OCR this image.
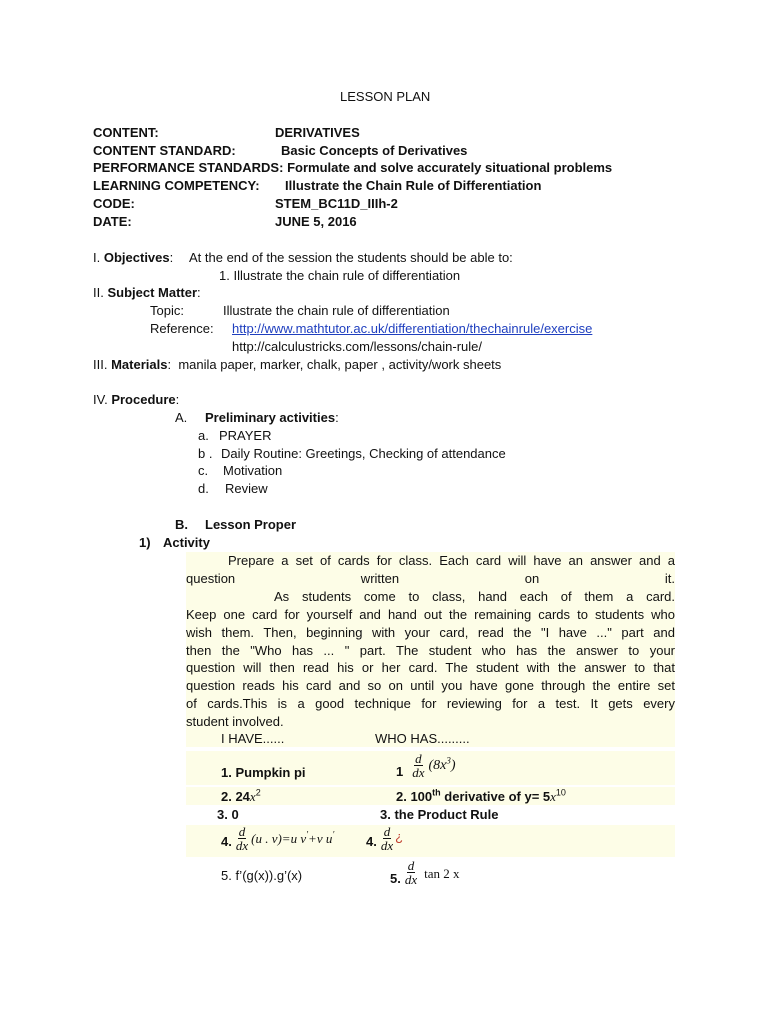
LESSON PLAN
CONTENT:	DERIVATIVES
CONTENT STANDARD:	Basic Concepts of Derivatives
PERFORMANCE STANDARDS: Formulate and solve accurately situational problems
LEARNING COMPETENCY: Illustrate the Chain Rule of Differentiation
CODE:	STEM_BC11D_IIIh-2
DATE:	JUNE 5, 2016
I. Objectives: At the end of the session the students should be able to:
1. Illustrate the chain rule of differentiation
II. Subject Matter:
Topic:	Illustrate the chain rule of differentiation
Reference: http://www.mathtutor.ac.uk/differentiation/thechainrule/exercise
http://calculustricks.com/lessons/chain-rule/
III. Materials: manila paper, marker, chalk, paper , activity/work sheets
IV. Procedure:
A. Preliminary activities:
a. PRAYER
b . Daily Routine: Greetings, Checking of attendance
c. Motivation
d. Review
B. Lesson Proper
1) Activity
Prepare a set of cards for class. Each card will have an answer and a
question written on it.
As students come to class, hand each of them a card.
Keep one card for yourself and hand out the remaining cards to students who
wish them. Then, beginning with your card, read the "I have ..." part and
then the "Who has ... " part. The student who has the answer to your
question will then read his or her card. The student with the answer to that
question reads his card and so on until you have gone through the entire set
of cards.This is a good technique for reviewing for a test. It gets every
student involved.
I HAVE......	WHO HAS.........
1. Pumpkin pi	$1 \frac{d}{dx} (8x^3)$
2. $24x^2$	2. 100th derivative of $y= 5x^{10}$
3. 0	3. the Product Rule
4. $\frac{d}{dx} (u$ . v)=u v'+v u' 4. $\frac{d}{dx}$ ¿
5. f’(g(x)).g’(x)	5. $\frac{d}{dx}$ tan 2 x
